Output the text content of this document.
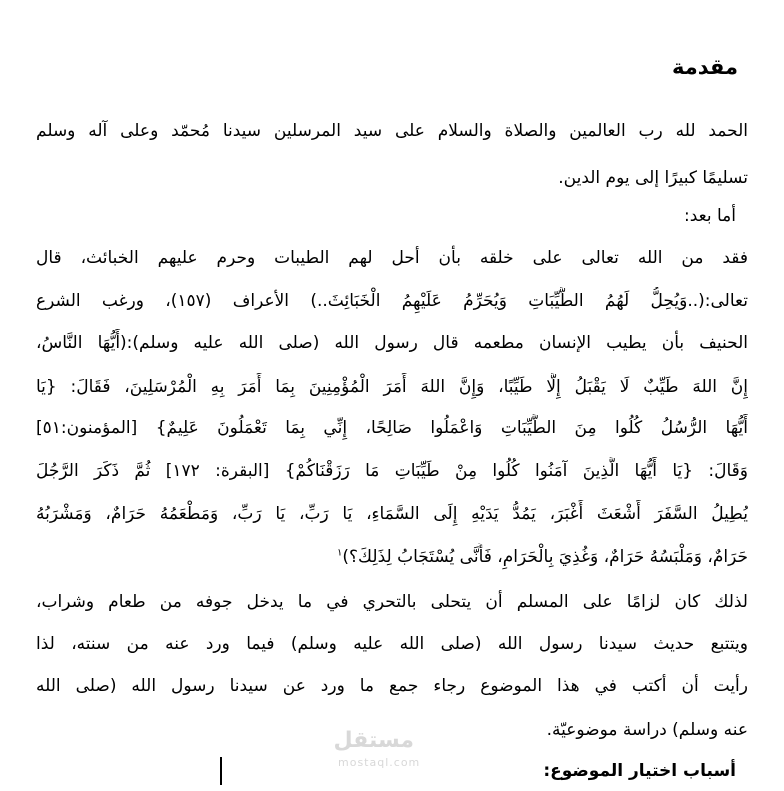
مقدمة

الحمد لله رب العالمين والصلاة والسلام على سيد المرسلين سيدنا مُحمّد وعلى آله وسلم

تسليمًا كبيرًا إلى يوم الدين.

أما بعد:

فقد من الله تعالى على خلقه بأن أحل لهم الطيبات وحرم عليهم الخبائث، قال

تعالى:(..وَيُحِلُّ لَهُمُ الطَّيِّبَاتِ وَيُحَرِّمُ عَلَيْهِمُ الْخَبَائِثَ..) الأعراف (١٥٧)، ورغب الشرع

الحنيف بأن يطيب الإنسان مطعمه قال رسول الله (صلى الله عليه وسلم):(أَيُّهَا النَّاسُ،

إِنَّ اللهَ طَيِّبٌ لَا يَقْبَلُ إِلَّا طَيِّبًا، وَإِنَّ اللهَ أَمَرَ الْمُؤْمِنِينَ بِمَا أَمَرَ بِهِ الْمُرْسَلِينَ، فَقَالَ: {يَا

أَيُّهَا الرُّسُلُ كُلُوا مِنَ الطَّيِّبَاتِ وَاعْمَلُوا صَالِحًا، إِنِّي بِمَا تَعْمَلُونَ عَلِيمٌ} [المؤمنون:٥١]

وَقَالَ: {يَا أَيُّهَا الَّذِينَ آمَنُوا كُلُوا مِنْ طَيِّبَاتِ مَا رَزَقْنَاكُمْ} [البقرة: ١٧٢] ثُمَّ ذَكَرَ الرَّجُلَ

يُطِيلُ السَّفَرَ أَشْعَثَ أَغْبَرَ، يَمُدُّ يَدَيْهِ إِلَى السَّمَاءِ، يَا رَبِّ، يَا رَبِّ، وَمَطْعَمُهُ حَرَامٌ، وَمَشْرَبُهُ

حَرَامٌ، وَمَلْبَسُهُ حَرَامٌ، وَغُذِيَ بِالْحَرَامِ، فَأَنَّى يُسْتَجَابُ لِذَلِكَ؟)$^١$

لذلك كان لزامًا على المسلم أن يتحلى بالتحري في ما يدخل جوفه من طعام وشراب،

ويتتبع حديث سيدنا رسول الله (صلى الله عليه وسلم) فيما ورد عنه من سنته، لذا

رأيت أن أكتب في هذا الموضوع رجاء جمع ما ورد عن سيدنا رسول الله (صلى الله

عنه وسلم) دراسة موضوعيّة.

أسباب اختيار الموضوع:
مستقل
mostaql.com
